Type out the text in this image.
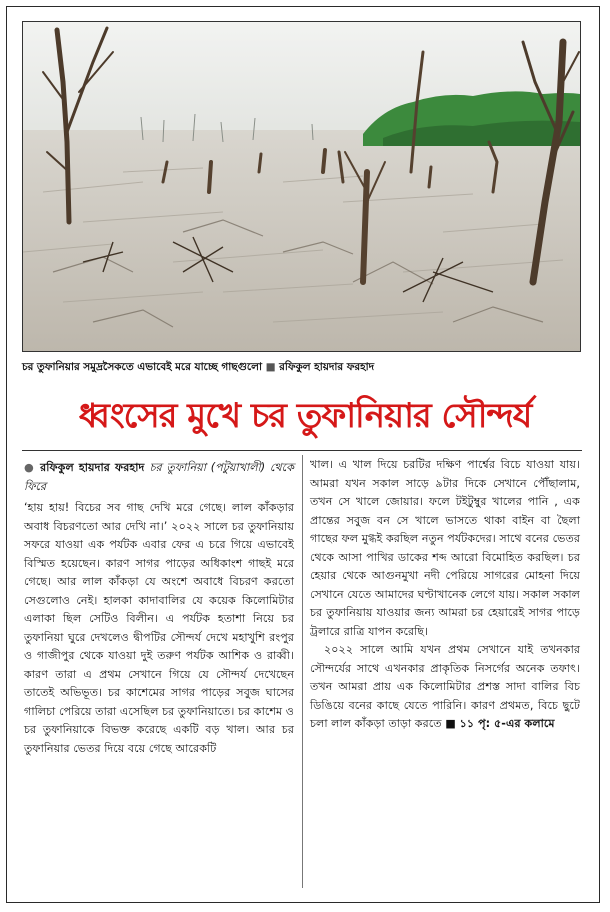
চর তুফানিয়ার সমুদ্রসৈকতে এভাবেই মরে যাচ্ছে গাছগুলো ■ রফিকুল হায়দার ফরহাদ
ধ্বংসের মুখে চর তুফানিয়ার সৌন্দর্য
● রফিকুল হায়দার ফরহাদ চর তুফানিয়া (পটুয়াখালী) থেকে ফিরে

‘হায় হায়! বিচের সব গাছ দেখি মরে গেছে। লাল কাঁকড়ার অবাধ বিচরণতো আর দেখি না।’ ২০২২ সালে চর তুফানিয়ায় সফরে যাওয়া এক পর্যটক এবার ফের এ চরে গিয়ে এভাবেই বিস্মিত হয়েছেন। কারণ সাগর পাড়ের অধিকাংশ গাছই মরে গেছে। আর লাল কাঁকড়া যে অংশে অবাধে বিচরণ করতো সেগুলোও নেই। হালকা কাদাবালির যে কয়েক কিলোমিটার এলাকা ছিল সেটিও বিলীন। এ পর্যটক হতাশা নিয়ে চর তুফানিয়া ঘুরে দেখলেও দ্বীপটির সৌন্দর্য দেখে মহাখুশি রংপুর ও গাজীপুর থেকে যাওয়া দুই তরুণ পর্যটক আশিক ও রাব্বী। কারণ তারা এ প্রথম সেখানে গিয়ে যে সৌন্দর্য দেখেছেন তাতেই অভিভূত। চর কাশেমের সাগর পাড়ের সবুজ ঘাসের গালিচা পেরিয়ে তারা এসেছিল চর তুফানিয়াতে। চর কাশেম ও চর তুফানিয়াকে বিভক্ত করেছে একটি বড় খাল। আর চর তুফানিয়ার ভেতর দিয়ে বয়ে গেছে আরেকটি

খাল। এ খাল দিয়ে চরটির দক্ষিণ পার্শ্বের বিচে যাওয়া যায়। আমরা যখন সকাল সাড়ে ৯টার দিকে সেখানে পৌঁছালাম, তখন সে খালে জোয়ার। ফলে টইটুম্বুর খালের পানি , এক প্রান্তের সবুজ বন সে খালে ভাসতে থাকা বাইন বা ছৈলা গাছের ফল মুগ্ধই করছিল নতুন পর্যটকদের। সাথে বনের ভেতর থেকে আসা পাখির ডাকের শব্দ আরো বিমোহিত করছিল। চর হেয়ার থেকে আগুনমুখা নদী পেরিয়ে সাগরের মোহনা দিয়ে সেখানে যেতে আমাদের ঘণ্টাখানেক লেগে যায়। সকাল সকাল চর তুফানিয়ায় যাওয়ার জন্য আমরা চর হেয়ারেই সাগর পাড়ে ট্রলারে রাত্রি যাপন করেছি।

২০২২ সালে আমি যখন প্রথম সেখানে যাই তখনকার সৌন্দর্যের সাথে এখনকার প্রাকৃতিক নিসর্গের অনেক তফাৎ। তখন আমরা প্রায় এক কিলোমিটার প্রশস্ত সাদা বালির বিচ ডিঙিয়ে বনের কাছে যেতে পারিনি। কারণ প্রথমত, বিচে ছুটে চলা লাল কাঁকড়া তাড়া করতে ■ ১১ পৃ: ৫-এর কলামে
